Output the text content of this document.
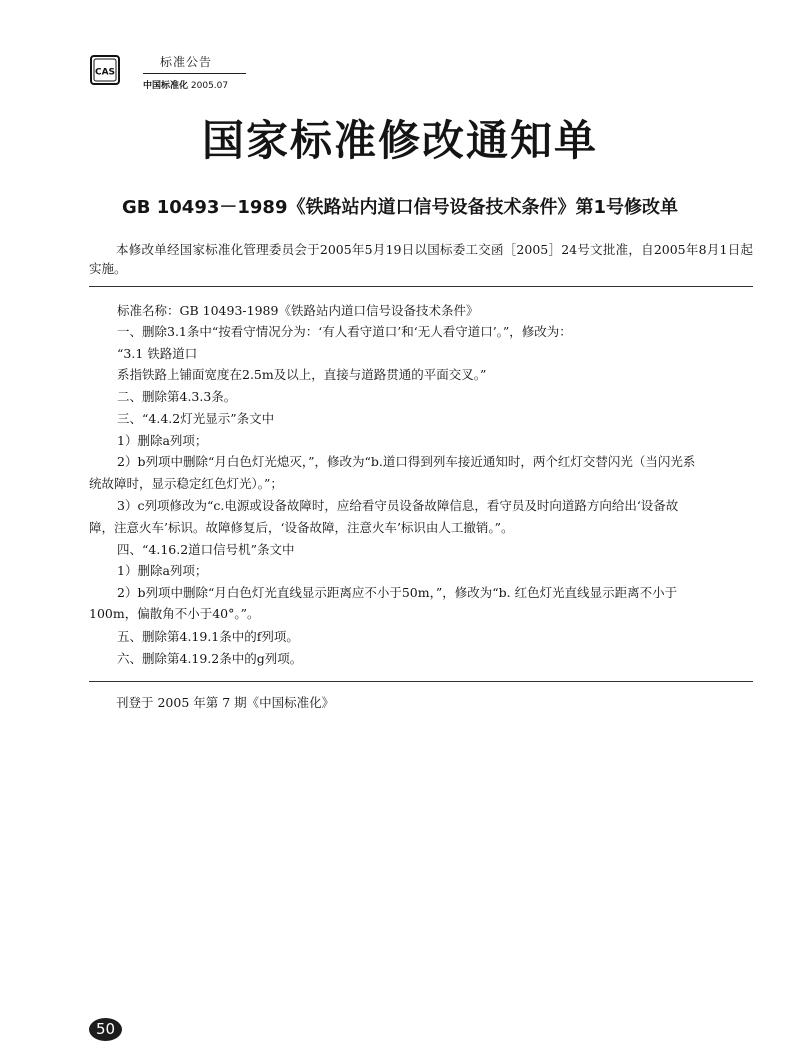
CAS
标准公告
中国标准化 2005.07
国家标准修改通知单
GB 10493－1989《铁路站内道口信号设备技术条件》第1号修改单
本修改单经国家标准化管理委员会于2005年5月19日以国标委工交函［2005］24号文批准，自2005年8月1日起实施。
标准名称：GB 10493-1989《铁路站内道口信号设备技术条件》
一、删除3.1条中“按看守情况分为：‘有人看守道口’和‘无人看守道口’。”，修改为：
“3.1 铁路道口
系指铁路上铺面宽度在2.5m及以上，直接与道路贯通的平面交叉。”
二、删除第4.3.3条。
三、“4.4.2灯光显示”条文中
1）删除a列项；
2）b列项中删除“月白色灯光熄灭，”，修改为“b.道口得到列车接近通知时，两个红灯交替闪光（当闪光系
统故障时，显示稳定红色灯光）。”；
3）c列项修改为“c.电源或设备故障时，应给看守员设备故障信息，看守员及时向道路方向给出‘设备故
障，注意火车’标识。故障修复后，‘设备故障，注意火车’标识由人工撤销。”。
四、“4.16.2道口信号机”条文中
1）删除a列项；
2）b列项中删除“月白色灯光直线显示距离应不小于50m，”，修改为“b. 红色灯光直线显示距离不小于
100m，偏散角不小于40°。”。
五、删除第4.19.1条中的f列项。
六、删除第4.19.2条中的g列项。
刊登于 2005 年第 7 期《中国标准化》
50
